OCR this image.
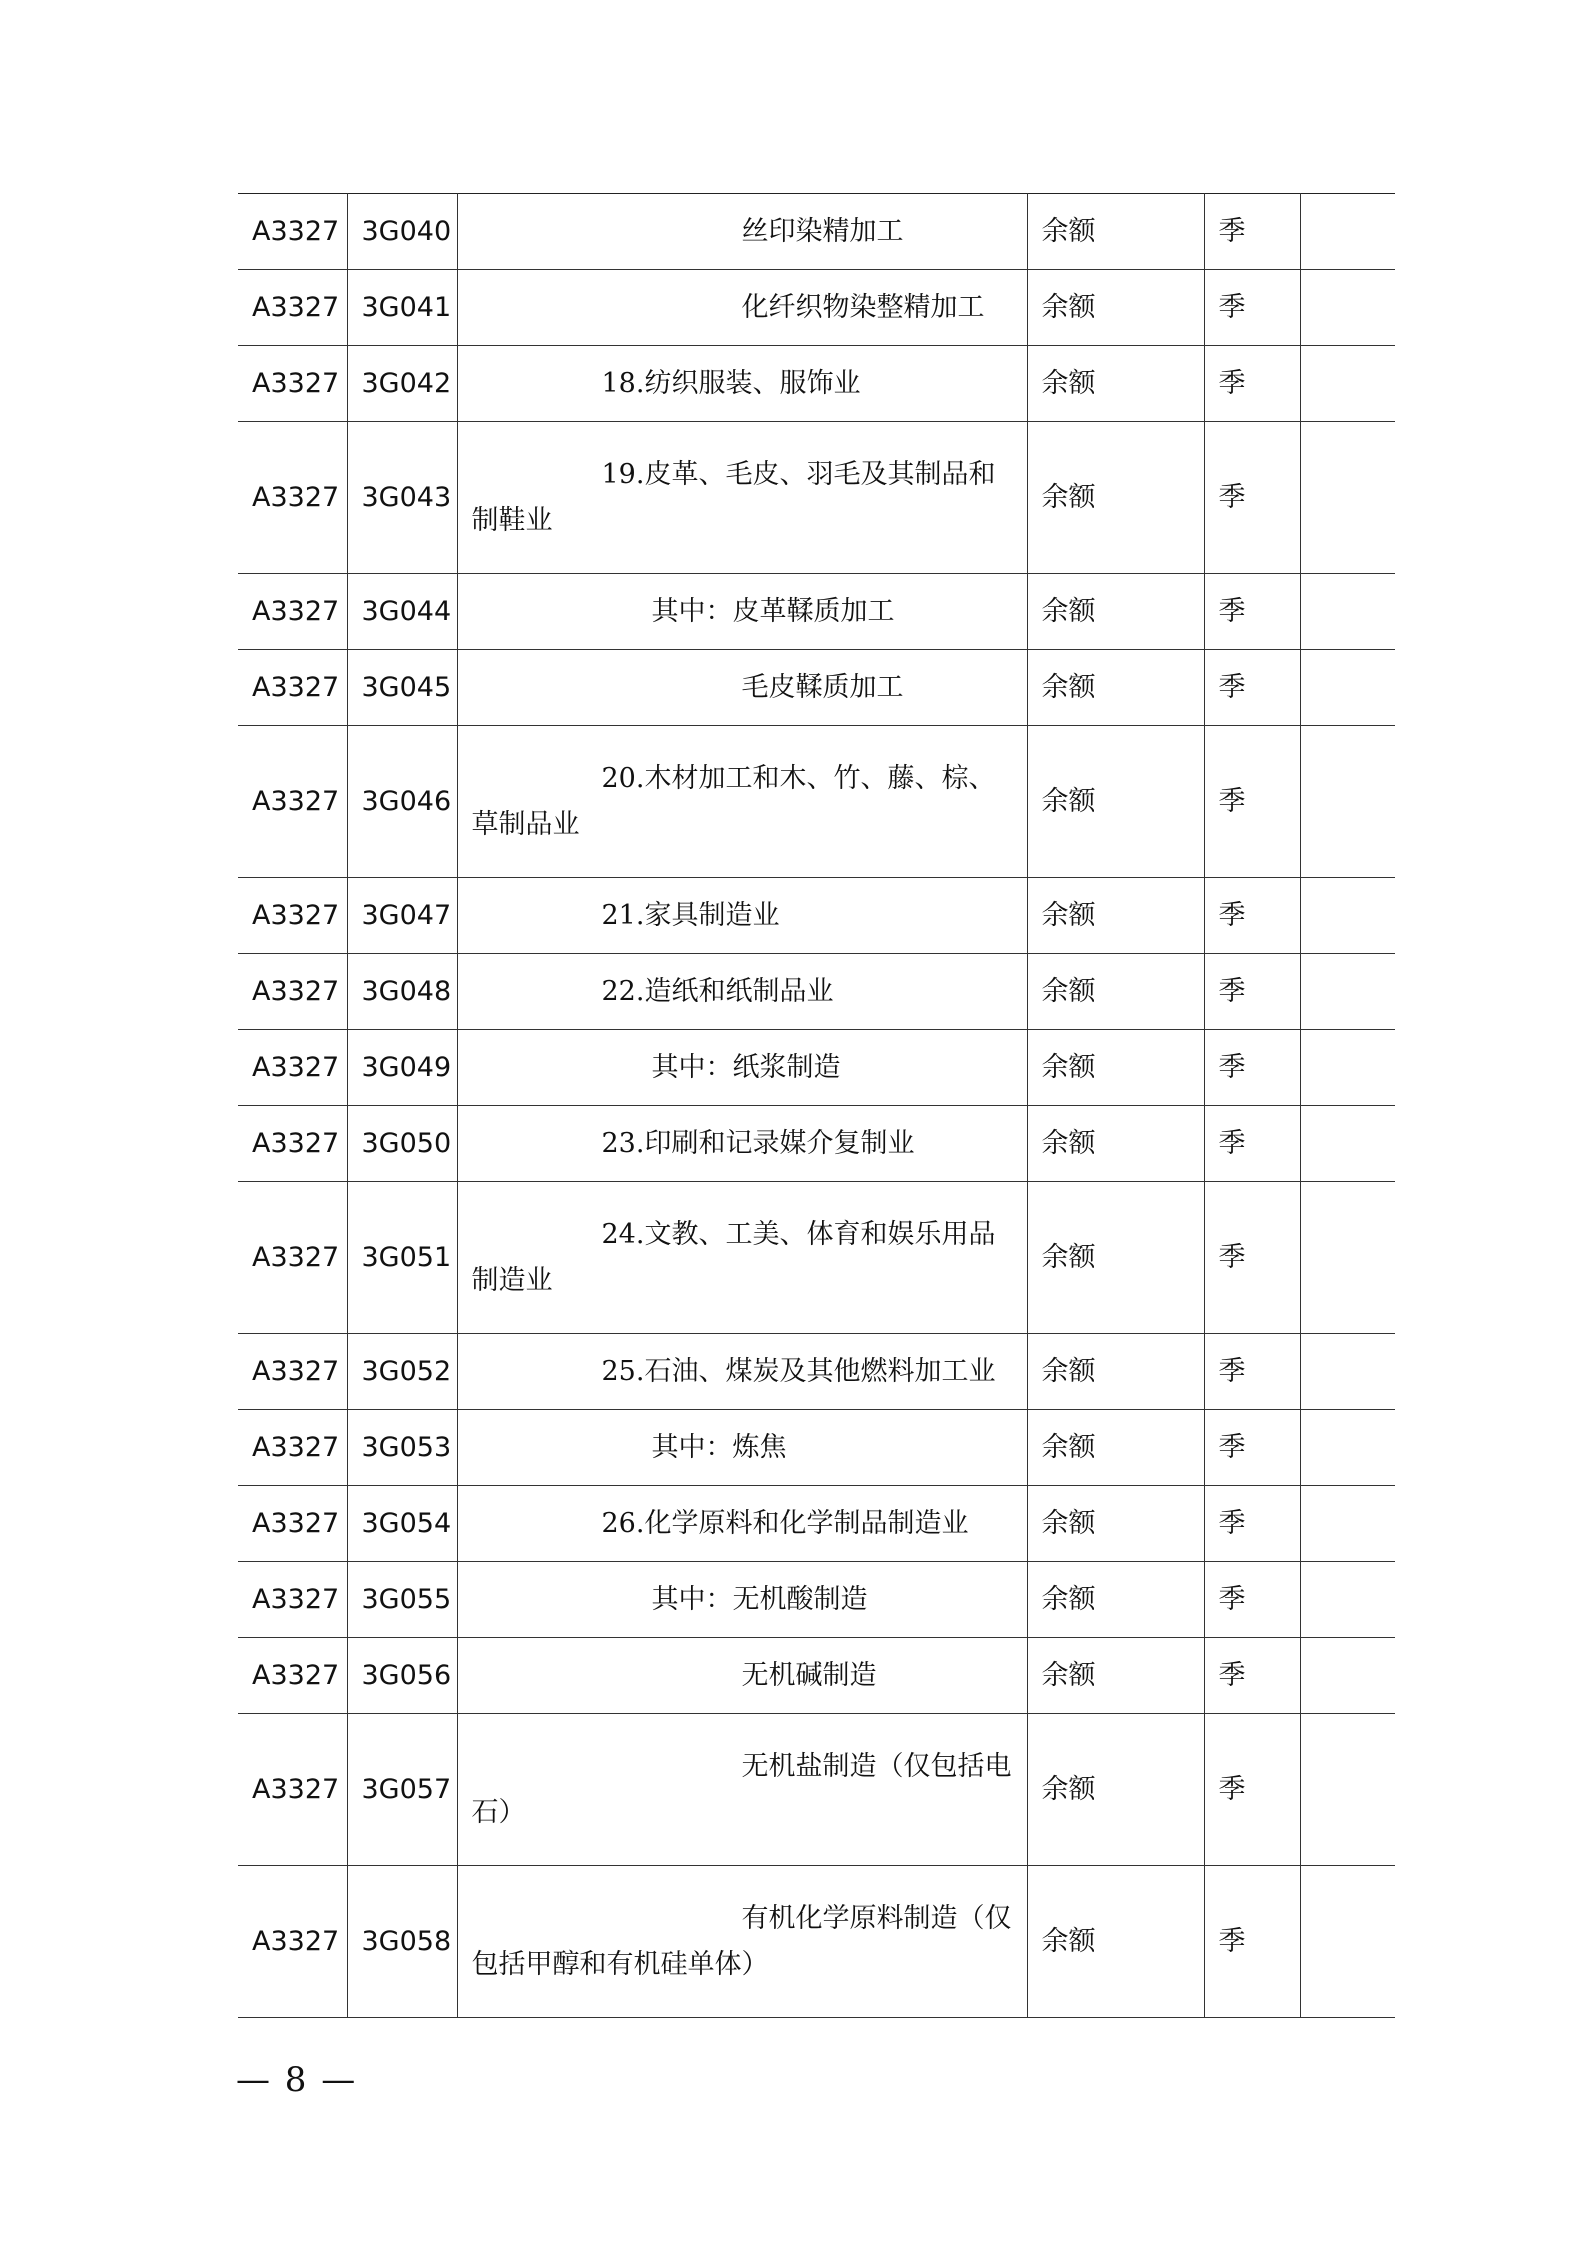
A3327	3G040	丝印染精加工	余额	季	
A3327	3G041	化纤织物染整精加工	余额	季	
A3327	3G042	18.纺织服装、服饰业	余额	季	
A3327	3G043	19.皮革、毛皮、羽毛及其制品和
制鞋业	余额	季	
A3327	3G044	其中：皮革鞣质加工	余额	季	
A3327	3G045	毛皮鞣质加工	余额	季	
A3327	3G046	20.木材加工和木、竹、藤、棕、
草制品业	余额	季	
A3327	3G047	21.家具制造业	余额	季	
A3327	3G048	22.造纸和纸制品业	余额	季	
A3327	3G049	其中：纸浆制造	余额	季	
A3327	3G050	23.印刷和记录媒介复制业	余额	季	
A3327	3G051	24.文教、工美、体育和娱乐用品
制造业	余额	季	
A3327	3G052	25.石油、煤炭及其他燃料加工业	余额	季	
A3327	3G053	其中：炼焦	余额	季	
A3327	3G054	26.化学原料和化学制品制造业	余额	季	
A3327	3G055	其中：无机酸制造	余额	季	
A3327	3G056	无机碱制造	余额	季	
A3327	3G057	无机盐制造（仅包括电
石）	余额	季	
A3327	3G058	有机化学原料制造（仅
包括甲醇和有机硅单体）	余额	季	
— 8 —
